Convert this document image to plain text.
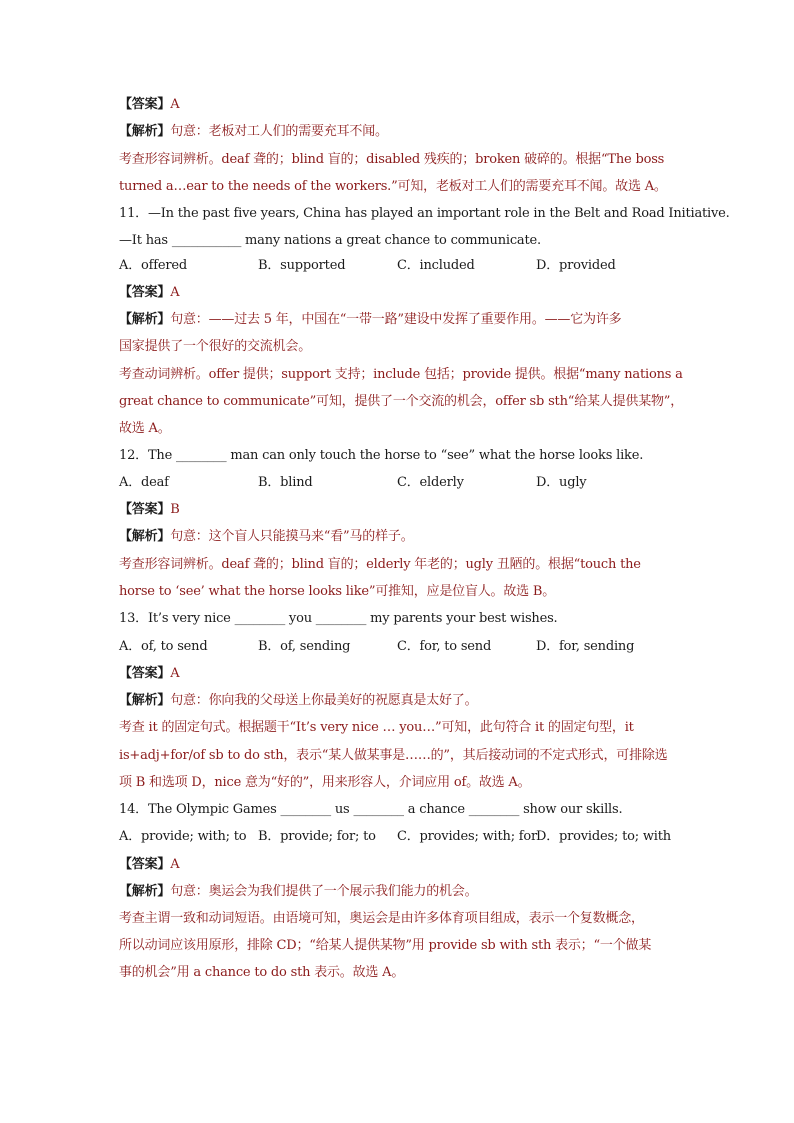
【答案】A
【解析】句意：老板对工人们的需要充耳不闻。
考查形容词辨析。deaf 聋的；blind 盲的；disabled 残疾的；broken 破碎的。根据“The boss
turned a…ear to the needs of the workers.”可知，老板对工人们的需要充耳不闻。故选 A。
11．—In the past five years, China has played an important role in the Belt and Road Initiative.
—It has ___________ many nations a great chance to communicate.
A．offered	B．supported	C．included	D．provided
【答案】A
【解析】句意：——过去 5 年，中国在“一带一路”建设中发挥了重要作用。——它为许多
国家提供了一个很好的交流机会。
考查动词辨析。offer 提供；support 支持；include 包括；provide 提供。根据“many nations a
great chance to communicate”可知，提供了一个交流的机会，offer sb sth“给某人提供某物”，
故选 A。
12．The ________ man can only touch the horse to “see” what the horse looks like.
A．deaf	B．blind	C．elderly	D．ugly
【答案】B
【解析】句意：这个盲人只能摸马来“看”马的样子。
考查形容词辨析。deaf 聋的；blind 盲的；elderly 年老的；ugly 丑陋的。根据“touch the
horse to ‘see’ what the horse looks like”可推知，应是位盲人。故选 B。
13．It’s very nice ________ you ________ my parents your best wishes.
A．of, to send	B．of, sending	C．for, to send	D．for, sending
【答案】A
【解析】句意：你向我的父母送上你最美好的祝愿真是太好了。
考查 it 的固定句式。根据题干“It’s very nice … you…”可知，此句符合 it 的固定句型，it
is+adj+for/of sb to do sth，表示“某人做某事是……的”，其后接动词的不定式形式，可排除选
项 B 和选项 D，nice 意为“好的”，用来形容人，介词应用 of。故选 A。
14．The Olympic Games ________ us ________ a chance ________ show our skills.
A．provide; with; to B．provide; for; to C．provides; with; for
D．provides; to; with
【答案】A
【解析】句意：奥运会为我们提供了一个展示我们能力的机会。
考查主谓一致和动词短语。由语境可知，奥运会是由许多体育项目组成，表示一个复数概念，
所以动词应该用原形，排除 CD；“给某人提供某物”用 provide sb with sth 表示；“一个做某
事的机会”用 a chance to do sth 表示。故选 A。
